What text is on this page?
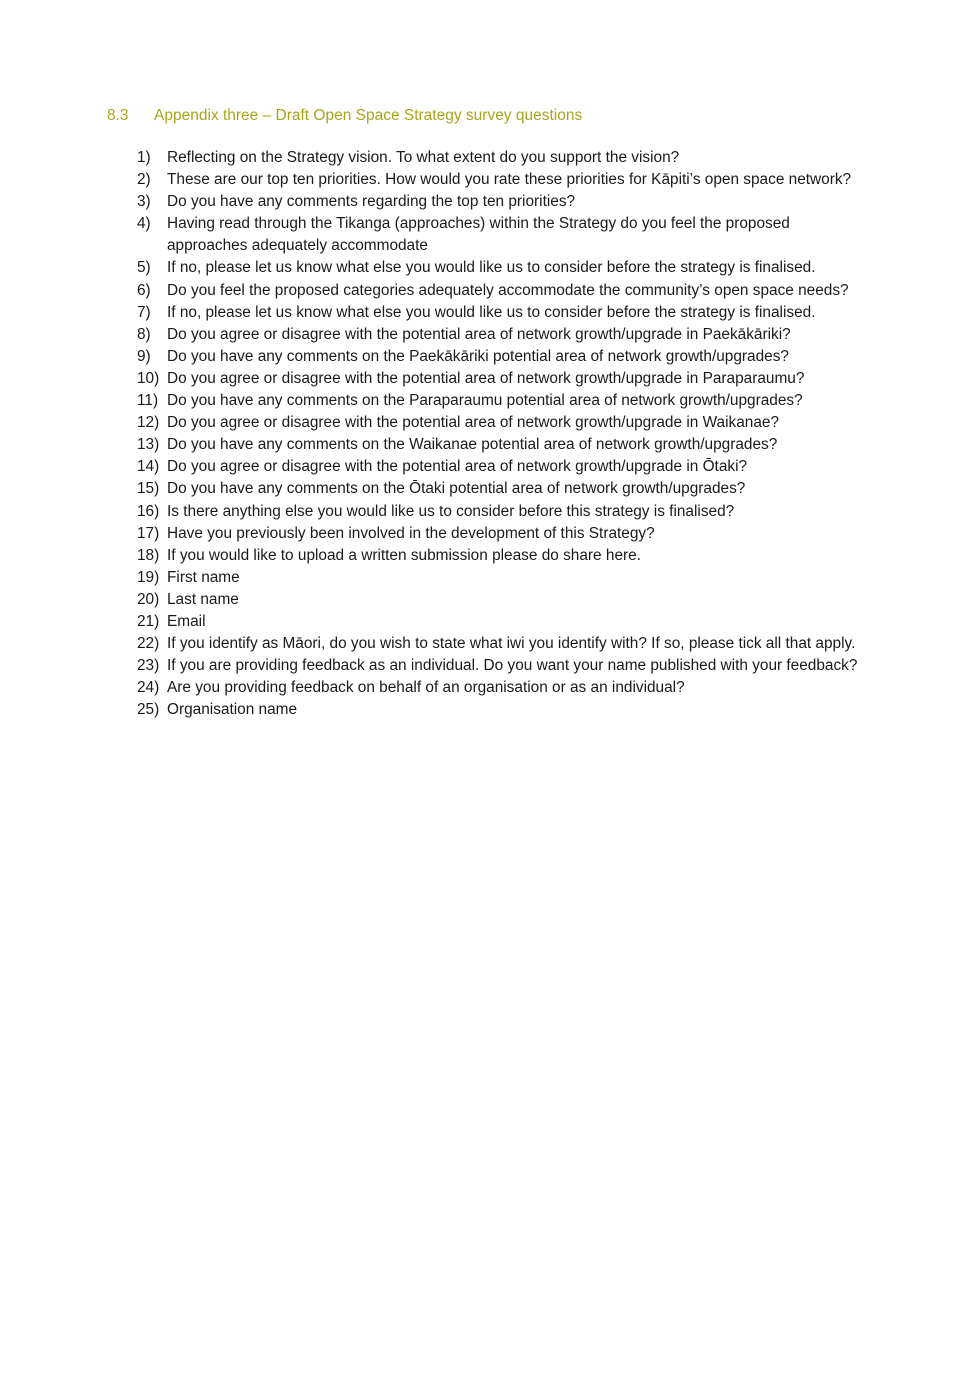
8.3 Appendix three – Draft Open Space Strategy survey questions
1)	Reflecting on the Strategy vision. To what extent do you support the vision?
2)	These are our top ten priorities. How would you rate these priorities for Kāpiti’s open space network?
3)	Do you have any comments regarding the top ten priorities?
4)	Having read through the Tikanga (approaches) within the Strategy do you feel the proposed approaches adequately accommodate
5)	If no, please let us know what else you would like us to consider before the strategy is finalised.
6)	Do you feel the proposed categories adequately accommodate the community’s open space needs?
7)	If no, please let us know what else you would like us to consider before the strategy is finalised.
8)	Do you agree or disagree with the potential area of network growth/upgrade in Paekākāriki?
9)	Do you have any comments on the Paekākāriki potential area of network growth/upgrades?
10) Do you agree or disagree with the potential area of network growth/upgrade in Paraparaumu?
11) Do you have any comments on the Paraparaumu potential area of network growth/upgrades?
12) Do you agree or disagree with the potential area of network growth/upgrade in Waikanae?
13) Do you have any comments on the Waikanae potential area of network growth/upgrades?
14) Do you agree or disagree with the potential area of network growth/upgrade in Ōtaki?
15) Do you have any comments on the Ōtaki potential area of network growth/upgrades?
16) Is there anything else you would like us to consider before this strategy is finalised?
17) Have you previously been involved in the development of this Strategy?
18) If you would like to upload a written submission please do share here.
19) First name
20) Last name
21) Email
22) If you identify as Māori, do you wish to state what iwi you identify with? If so, please tick all that apply.
23) If you are providing feedback as an individual. Do you want your name published with your feedback?
24) Are you providing feedback on behalf of an organisation or as an individual?
25) Organisation name
